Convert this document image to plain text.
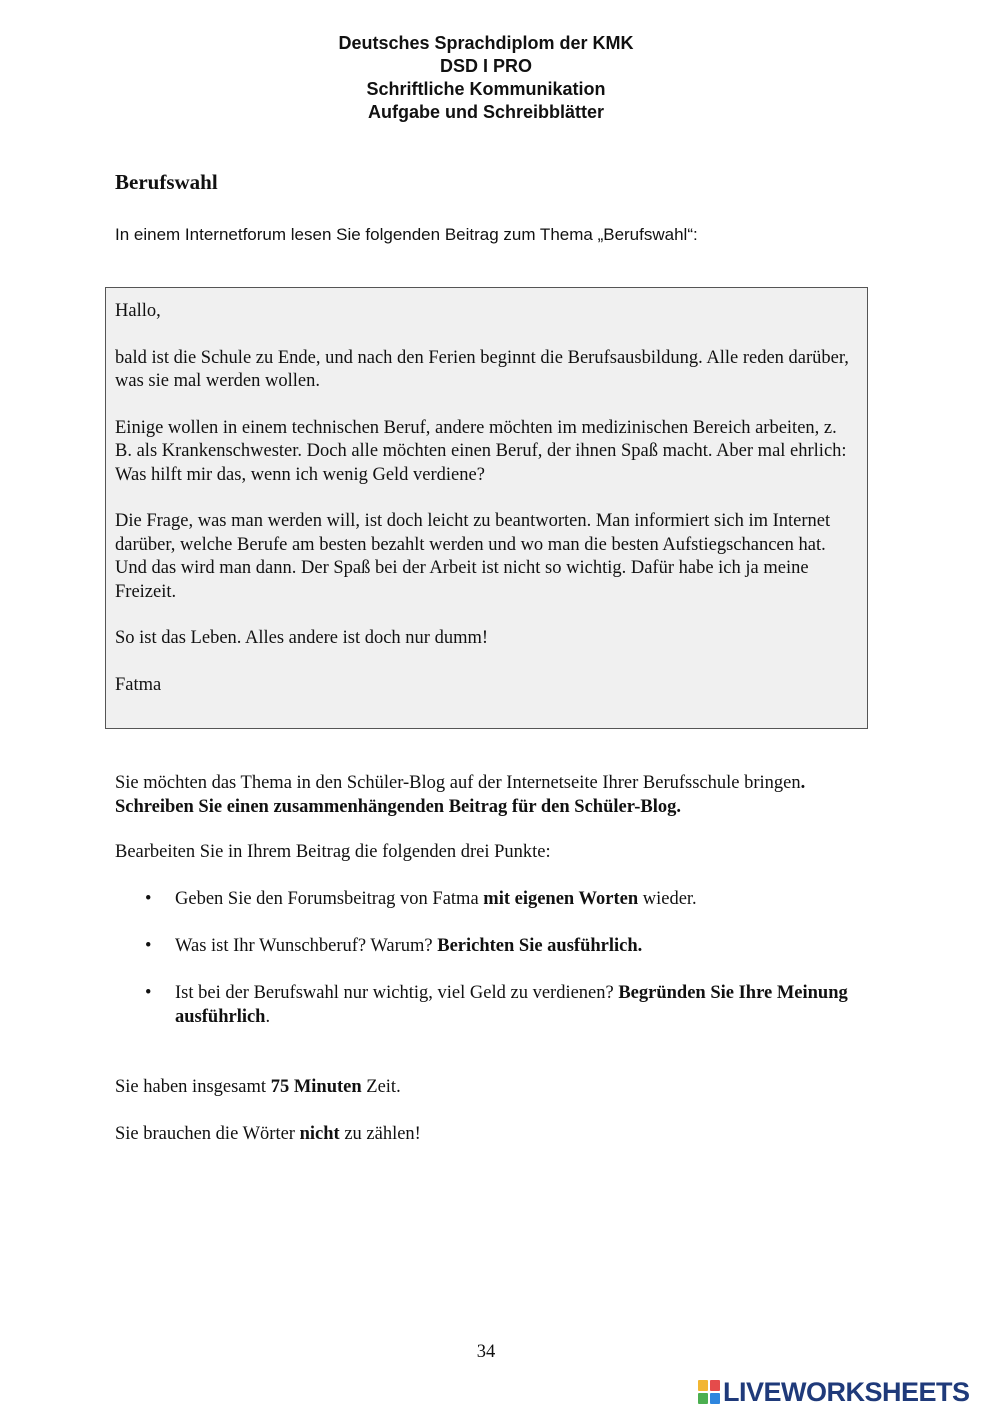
Deutsches Sprachdiplom der KMK
DSD I PRO
Schriftliche Kommunikation
Aufgabe und Schreibblätter
Berufswahl

In einem Internetforum lesen Sie folgenden Beitrag zum Thema „Berufswahl“:

Hallo,

bald ist die Schule zu Ende, und nach den Ferien beginnt die Berufsausbildung. Alle reden darüber, was sie mal werden wollen.

Einige wollen in einem technischen Beruf, andere möchten im medizinischen Bereich arbeiten, z. B. als Krankenschwester. Doch alle möchten einen Beruf, der ihnen Spaß macht. Aber mal ehrlich: Was hilft mir das, wenn ich wenig Geld verdiene?

Die Frage, was man werden will, ist doch leicht zu beantworten. Man informiert sich im Internet darüber, welche Berufe am besten bezahlt werden und wo man die besten Aufstiegschancen hat. Und das wird man dann. Der Spaß bei der Arbeit ist nicht so wichtig. Dafür habe ich ja meine Freizeit.

So ist das Leben. Alles andere ist doch nur dumm!

Fatma

Sie möchten das Thema in den Schüler-Blog auf der Internetseite Ihrer Berufsschule bringen. Schreiben Sie einen zusammenhängenden Beitrag für den Schüler-Blog.

Bearbeiten Sie in Ihrem Beitrag die folgenden drei Punkte:

• Geben Sie den Forumsbeitrag von Fatma mit eigenen Worten wieder.
• Was ist Ihr Wunschberuf? Warum? Berichten Sie ausführlich.
• Ist bei der Berufswahl nur wichtig, viel Geld zu verdienen? Begründen Sie Ihre Meinung ausführlich.

Sie haben insgesamt 75 Minuten Zeit.

Sie brauchen die Wörter nicht zu zählen!

34
LIVEWORKSHEETS
